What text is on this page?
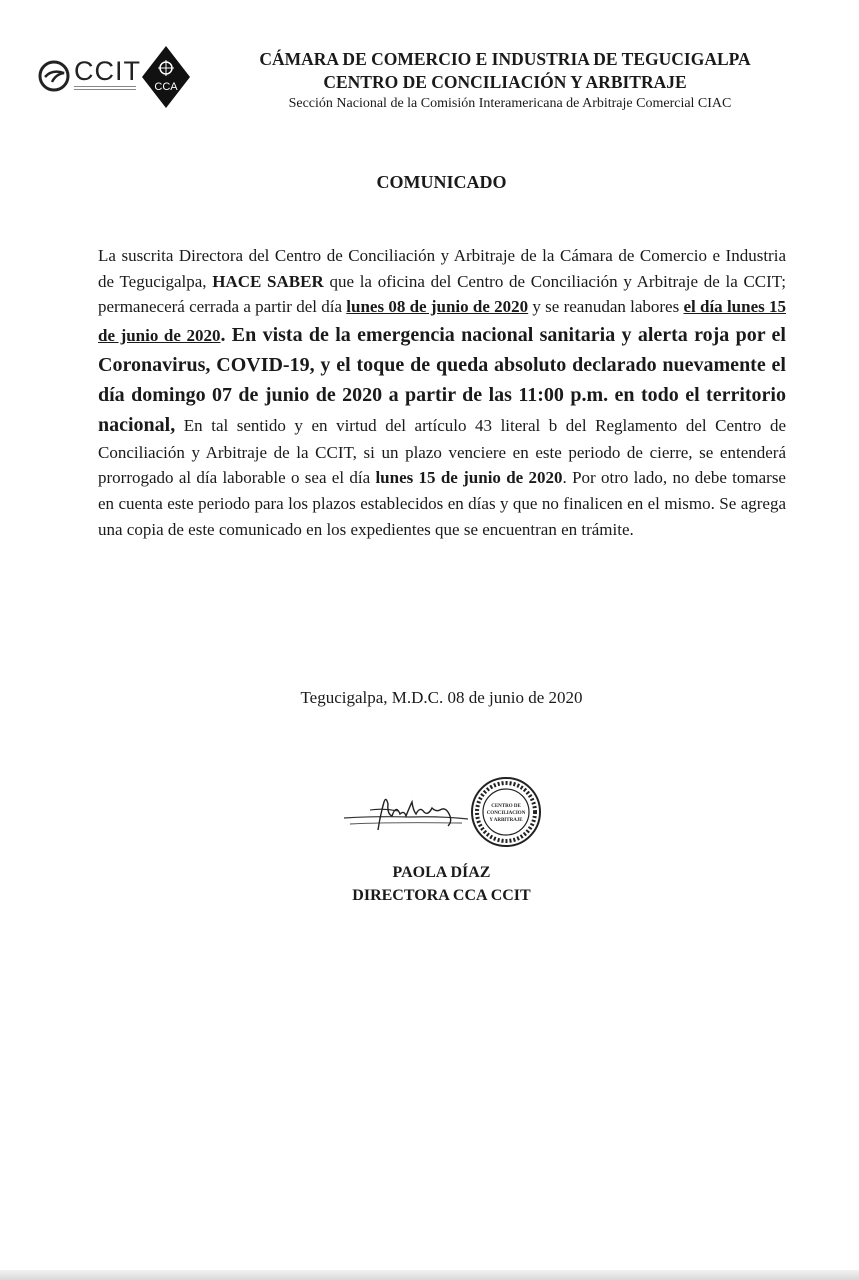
CCIT
CCA
CÁMARA DE COMERCIO E INDUSTRIA DE TEGUCIGALPA
CENTRO DE CONCILIACIÓN Y ARBITRAJE
Sección Nacional de la Comisión Interamericana de Arbitraje Comercial CIAC
COMUNICADO
La suscrita Directora del Centro de Conciliación y Arbitraje de la Cámara de Comercio e Industria de Tegucigalpa, HACE SABER que la oficina del Centro de Conciliación y Arbitraje de la CCIT; permanecerá cerrada a partir del día lunes 08 de junio de 2020 y se reanudan labores el día lunes 15 de junio de 2020. En vista de la emergencia nacional sanitaria y alerta roja por el Coronavirus, COVID-19, y el toque de queda absoluto declarado nuevamente el día domingo 07 de junio de 2020 a partir de las 11:00 p.m. en todo el territorio nacional, En tal sentido y en virtud del artículo 43 literal b del Reglamento del Centro de Conciliación y Arbitraje de la CCIT, si un plazo venciere en este periodo de cierre, se entenderá prorrogado al día laborable o sea el día lunes 15 de junio de 2020. Por otro lado, no debe tomarse en cuenta este periodo para los plazos establecidos en días y que no finalicen en el mismo. Se agrega una copia de este comunicado en los expedientes que se encuentran en trámite.
Tegucigalpa, M.D.C. 08 de junio de 2020
CENTRO DE
CONCILIACION
Y ARBITRAJE
PAOLA DÍAZ
DIRECTORA CCA CCIT
